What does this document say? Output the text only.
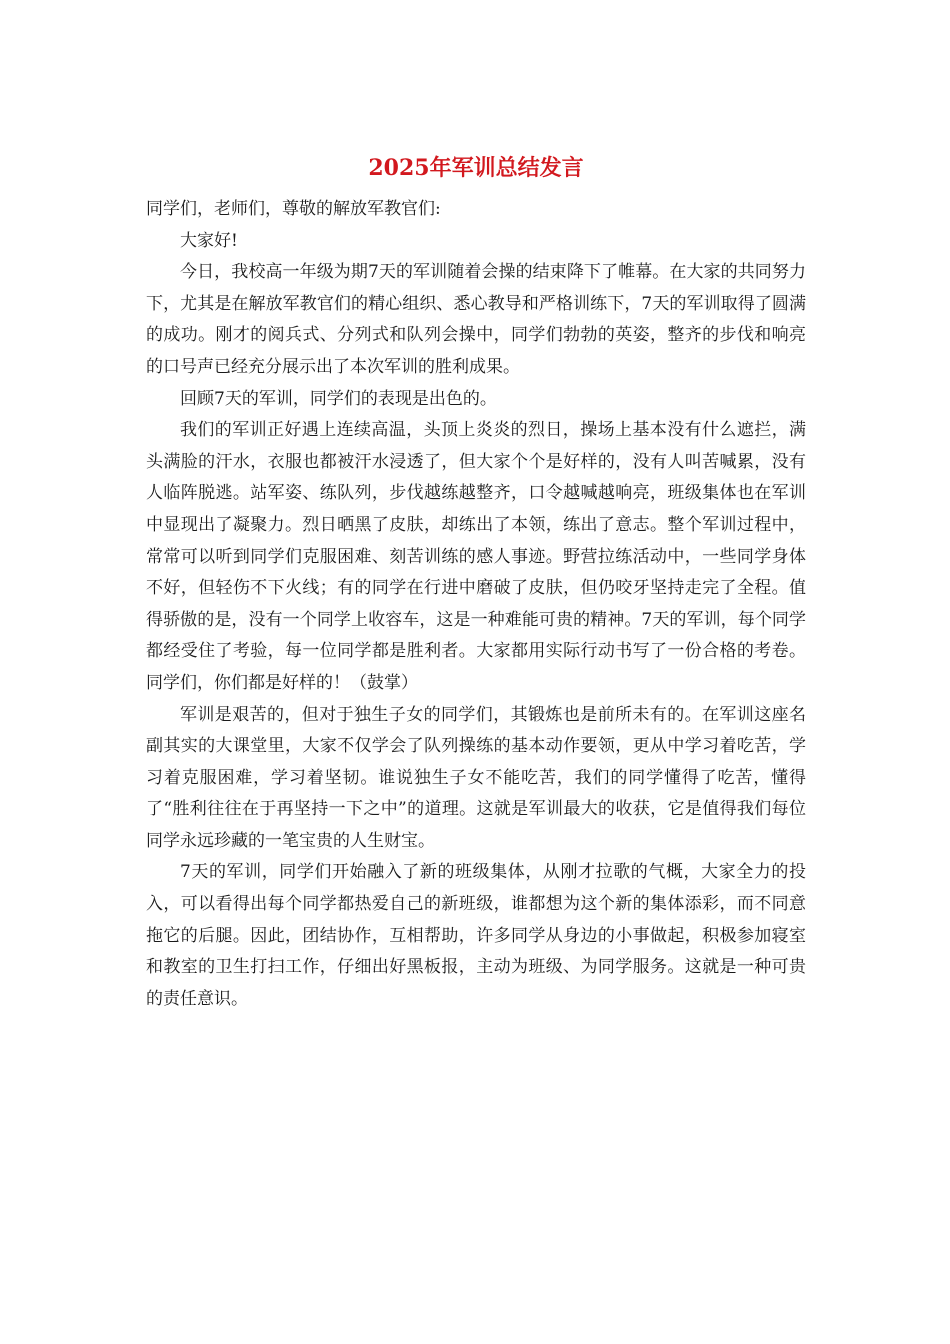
2025年军训总结发言

同学们，老师们，尊敬的解放军教官们:

大家好!

今日，我校高一年级为期7天的军训随着会操的结束降下了帷幕。在大家的共同努力下，尤其是在解放军教官们的精心组织、悉心教导和严格训练下，7天的军训取得了圆满的成功。刚才的阅兵式、分列式和队列会操中，同学们勃勃的英姿，整齐的步伐和响亮的口号声已经充分展示出了本次军训的胜利成果。

回顾7天的军训，同学们的表现是出色的。

我们的军训正好遇上连续高温，头顶上炎炎的烈日，操场上基本没有什么遮拦，满头满脸的汗水，衣服也都被汗水浸透了，但大家个个是好样的，没有人叫苦喊累，没有人临阵脱逃。站军姿、练队列，步伐越练越整齐，口令越喊越响亮，班级集体也在军训中显现出了凝聚力。烈日晒黑了皮肤，却练出了本领，练出了意志。整个军训过程中，常常可以听到同学们克服困难、刻苦训练的感人事迹。野营拉练活动中，一些同学身体不好，但轻伤不下火线；有的同学在行进中磨破了皮肤，但仍咬牙坚持走完了全程。值得骄傲的是，没有一个同学上收容车，这是一种难能可贵的精神。7天的军训，每个同学都经受住了考验，每一位同学都是胜利者。大家都用实际行动书写了一份合格的考卷。同学们，你们都是好样的！（鼓掌）

军训是艰苦的，但对于独生子女的同学们，其锻炼也是前所未有的。在军训这座名副其实的大课堂里，大家不仅学会了队列操练的基本动作要领，更从中学习着吃苦，学习着克服困难，学习着坚韧。谁说独生子女不能吃苦，我们的同学懂得了吃苦，懂得了“胜利往往在于再坚持一下之中”的道理。这就是军训最大的收获，它是值得我们每位同学永远珍藏的一笔宝贵的人生财宝。

7天的军训，同学们开始融入了新的班级集体，从刚才拉歌的气概，大家全力的投入，可以看得出每个同学都热爱自己的新班级，谁都想为这个新的集体添彩，而不同意拖它的后腿。因此，团结协作，互相帮助，许多同学从身边的小事做起，积极参加寝室和教室的卫生打扫工作，仔细出好黑板报，主动为班级、为同学服务。这就是一种可贵的责任意识。
